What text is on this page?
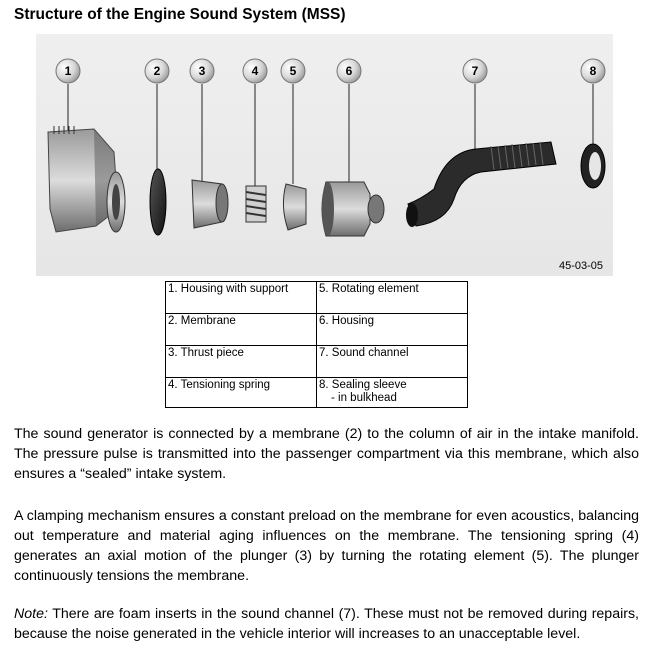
Structure of the Engine Sound System (MSS)
1	2	3	4	5	6	7	8
45-03-05
1. Housing with support	5. Rotating element
2. Membrane	6. Housing
3. Thrust piece	7. Sound channel
4. Tensioning spring	8. Sealing sleeve
- in bulkhead
The sound generator is connected by a membrane (2) to the column of air in the intake manifold. The pressure pulse is transmitted into the passenger compartment via this membrane, which also ensures a “sealed” intake system.
A clamping mechanism ensures a constant preload on the membrane for even acoustics, balancing out temperature and material aging influences on the membrane. The tensioning spring (4) generates an axial motion of the plunger (3) by turning the rotating element (5). The plunger continuously tensions the membrane.
Note: There are foam inserts in the sound channel (7). These must not be removed during repairs, because the noise generated in the vehicle interior will increases to an unacceptable level.
